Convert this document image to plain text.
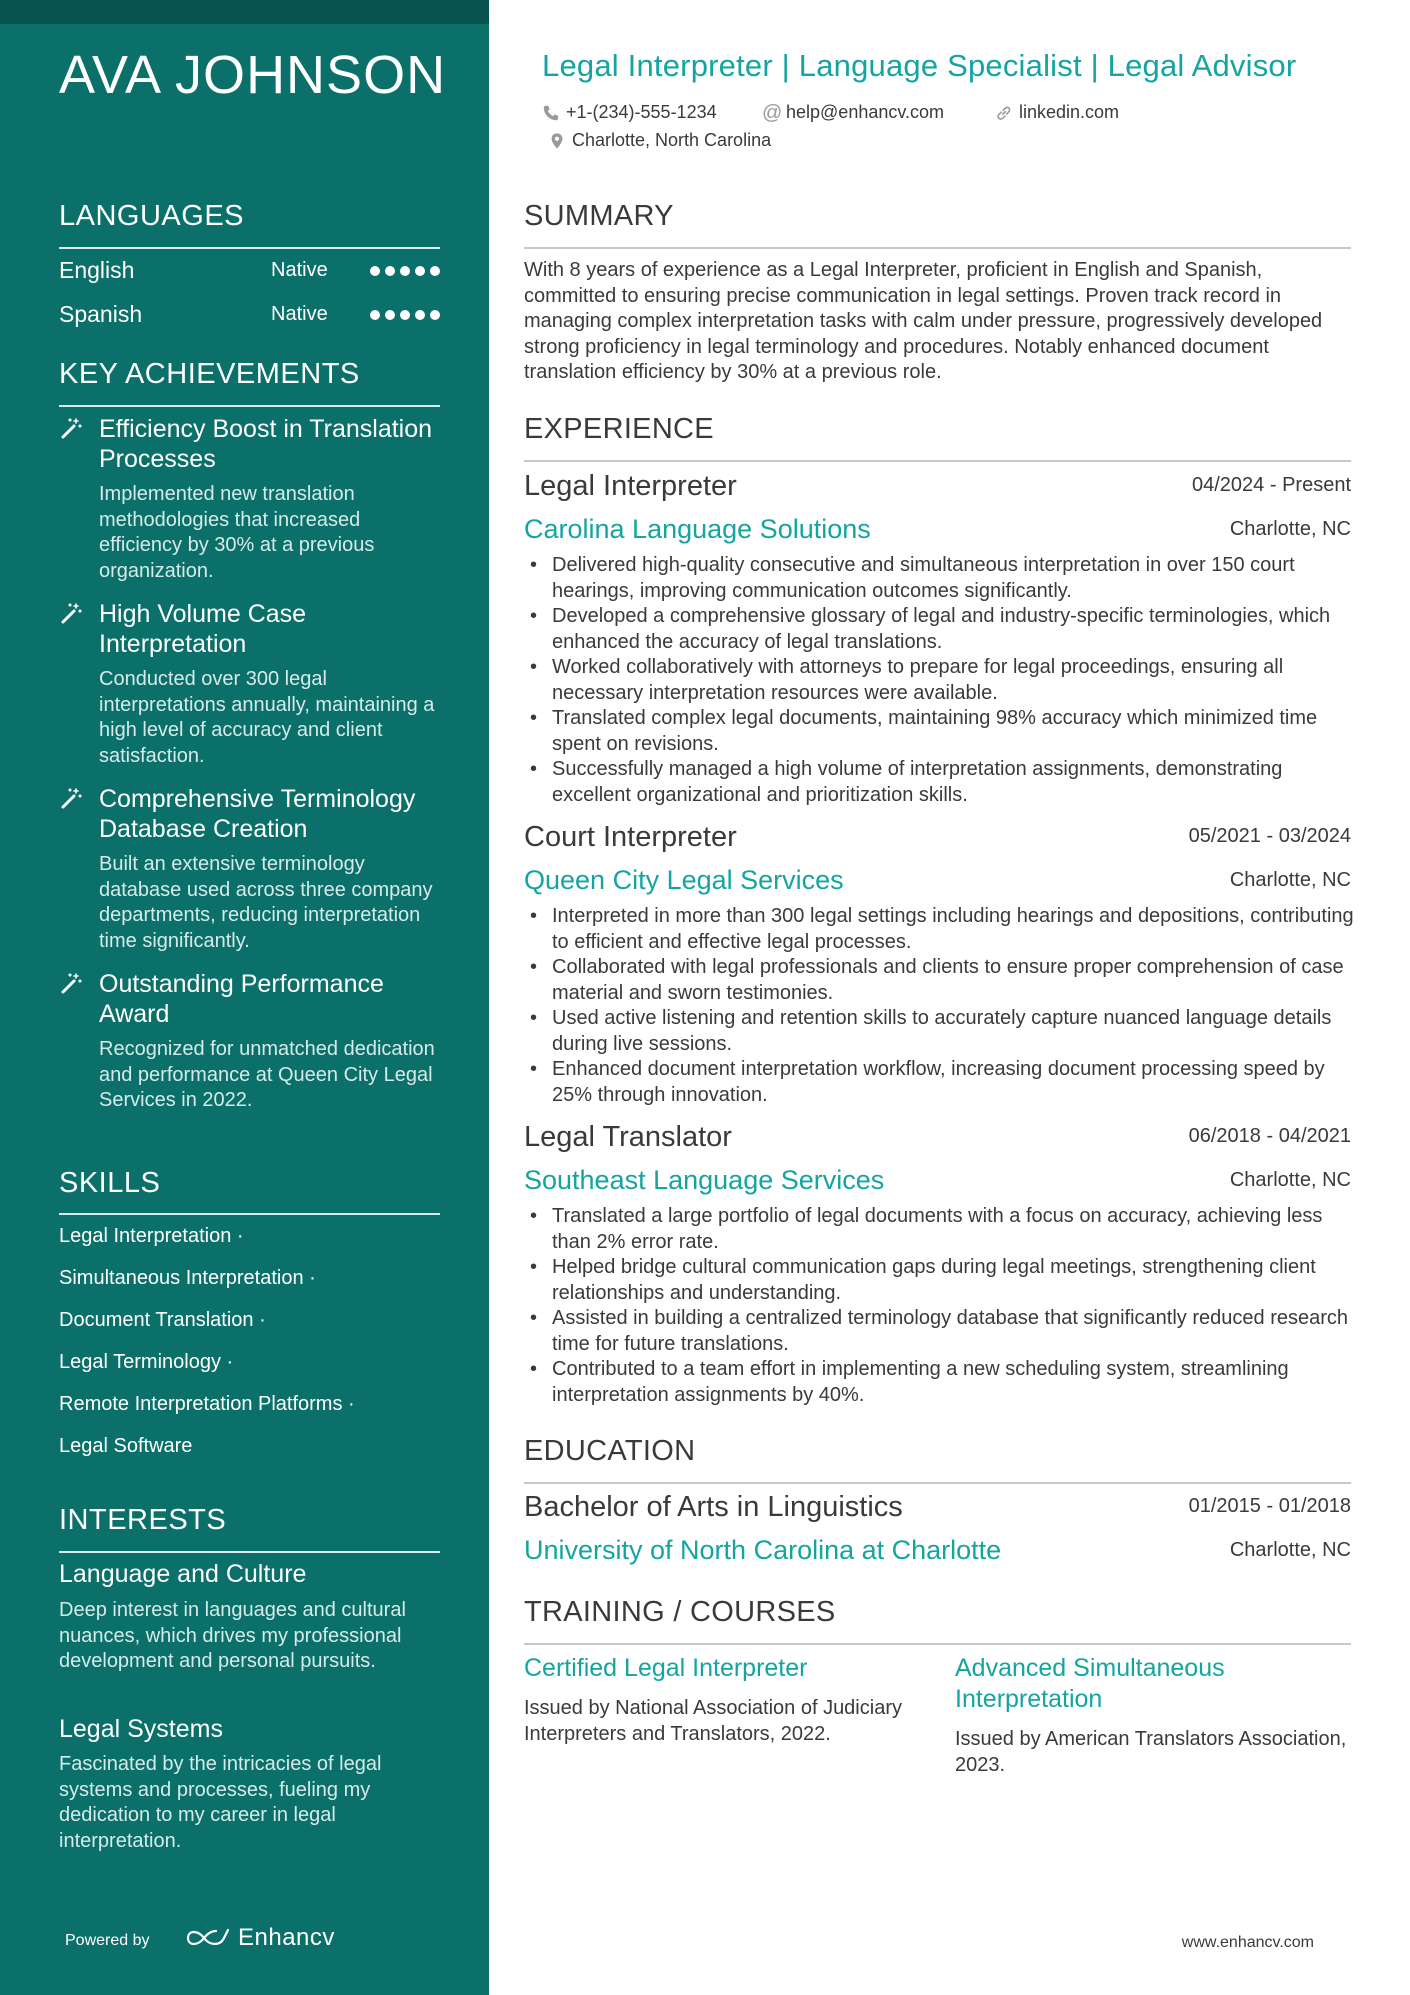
AVA JOHNSON
LANGUAGES
English	Native
Spanish	Native
KEY ACHIEVEMENTS
Efficiency Boost in Translation Processes
Implemented new translation methodologies that increased efficiency by 30% at a previous organization.
High Volume Case Interpretation
Conducted over 300 legal interpretations annually, maintaining a high level of accuracy and client satisfaction.
Comprehensive Terminology Database Creation
Built an extensive terminology database used across three company departments, reducing interpretation time significantly.
Outstanding Performance Award
Recognized for unmatched dedication and performance at Queen City Legal Services in 2022.
SKILLS
Legal Interpretation ·
Simultaneous Interpretation ·
Document Translation ·
Legal Terminology ·
Remote Interpretation Platforms ·
Legal Software
INTERESTS
Language and Culture
Deep interest in languages and cultural nuances, which drives my professional development and personal pursuits.
Legal Systems
Fascinated by the intricacies of legal systems and processes, fueling my dedication to my career in legal interpretation.
Powered by	Enhancv
Legal Interpreter | Language Specialist | Legal Advisor
+1-(234)-555-1234 @ help@enhancv.com	linkedin.com
Charlotte, North Carolina
SUMMARY
With 8 years of experience as a Legal Interpreter, proficient in English and Spanish, committed to ensuring precise communication in legal settings. Proven track record in managing complex interpretation tasks with calm under pressure, progressively developed strong proficiency in legal terminology and procedures. Notably enhanced document translation efficiency by 30% at a previous role.
EXPERIENCE
Legal Interpreter	04/2024 - Present
Carolina Language Solutions	Charlotte, NC
• Delivered high-quality consecutive and simultaneous interpretation in over 150 court hearings, improving communication outcomes significantly.
• Developed a comprehensive glossary of legal and industry-specific terminologies, which enhanced the accuracy of legal translations.
• Worked collaboratively with attorneys to prepare for legal proceedings, ensuring all necessary interpretation resources were available.
• Translated complex legal documents, maintaining 98% accuracy which minimized time spent on revisions.
• Successfully managed a high volume of interpretation assignments, demonstrating excellent organizational and prioritization skills.
Court Interpreter	05/2021 - 03/2024
Queen City Legal Services	Charlotte, NC
• Interpreted in more than 300 legal settings including hearings and depositions, contributing to efficient and effective legal processes.
• Collaborated with legal professionals and clients to ensure proper comprehension of case material and sworn testimonies.
• Used active listening and retention skills to accurately capture nuanced language details during live sessions.
• Enhanced document interpretation workflow, increasing document processing speed by 25% through innovation.
Legal Translator	06/2018 - 04/2021
Southeast Language Services	Charlotte, NC
• Translated a large portfolio of legal documents with a focus on accuracy, achieving less than 2% error rate.
• Helped bridge cultural communication gaps during legal meetings, strengthening client relationships and understanding.
• Assisted in building a centralized terminology database that significantly reduced research time for future translations.
• Contributed to a team effort in implementing a new scheduling system, streamlining interpretation assignments by 40%.
EDUCATION
Bachelor of Arts in Linguistics	01/2015 - 01/2018
University of North Carolina at Charlotte	Charlotte, NC
TRAINING / COURSES
Certified Legal Interpreter
Issued by National Association of Judiciary Interpreters and Translators, 2022.
Advanced Simultaneous Interpretation
Issued by American Translators Association, 2023.
www.enhancv.com
